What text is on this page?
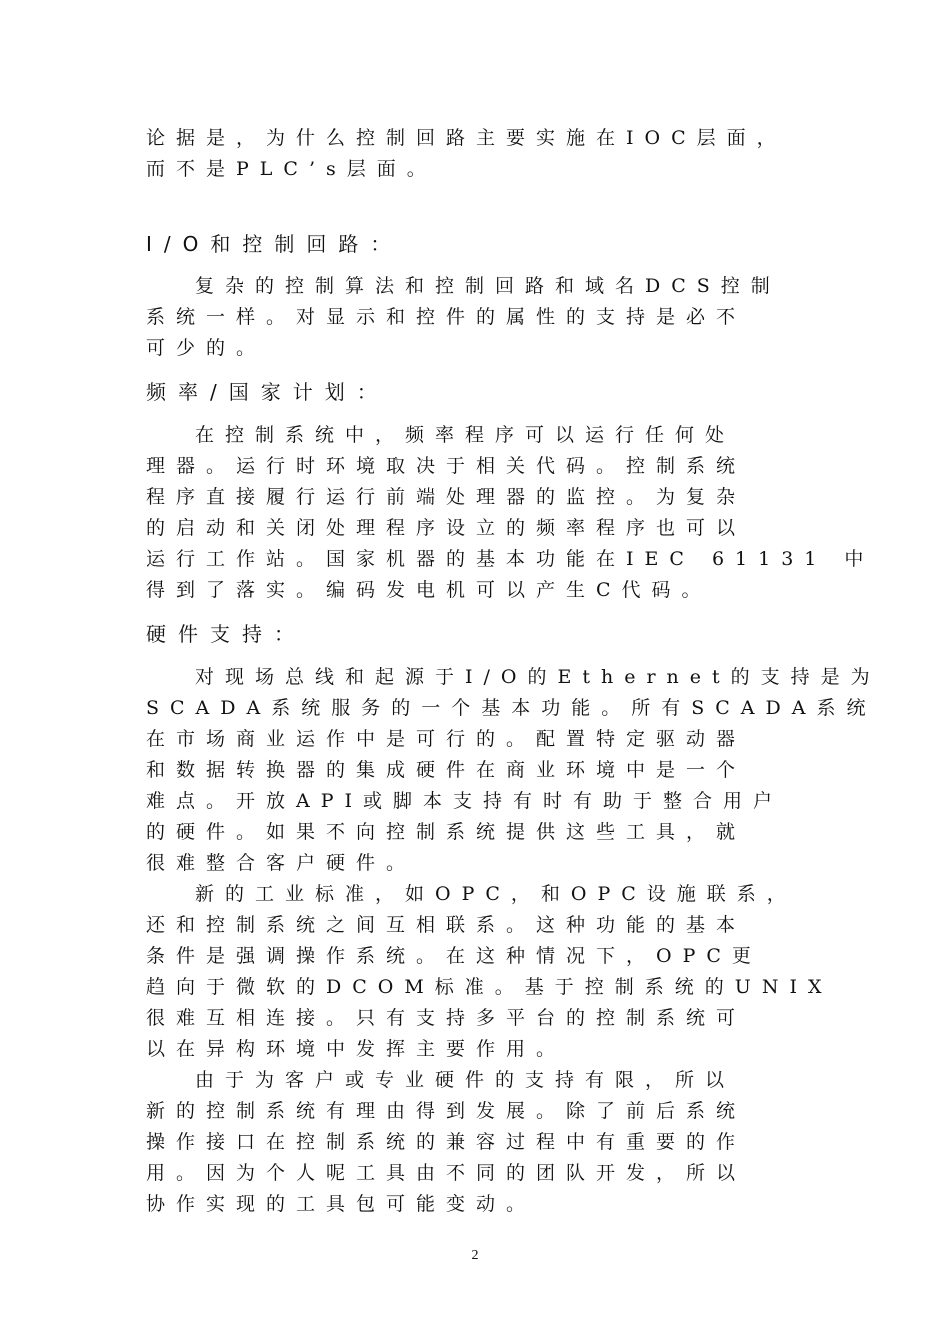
论据是，为什么控制回路主要实施在IOC层面，
而不是PLC’s层面。
I/O和控制回路：
复杂的控制算法和控制回路和域名DCS控制
系统一样。对显示和控件的属性的支持是必不
可少的。
频率/国家计划：
在控制系统中，频率程序可以运行任何处
理器。运行时环境取决于相关代码。控制系统
程序直接履行运行前端处理器的监控。为复杂
的启动和关闭处理程序设立的频率程序也可以
运行工作站。国家机器的基本功能在IEC 61131 中
得到了落实。编码发电机可以产生C代码。
硬件支持：
对现场总线和起源于I/O的Ethernet的支持是为
SCADA系统服务的一个基本功能。所有SCADA系统
在市场商业运作中是可行的。配置特定驱动器
和数据转换器的集成硬件在商业环境中是一个
难点。开放API或脚本支持有时有助于整合用户
的硬件。如果不向控制系统提供这些工具，就
很难整合客户硬件。
新的工业标准，如OPC，和OPC设施联系，
还和控制系统之间互相联系。这种功能的基本
条件是强调操作系统。在这种情况下，OPC更
趋向于微软的DCOM标准。基于控制系统的UNIX
很难互相连接。只有支持多平台的控制系统可
以在异构环境中发挥主要作用。
由于为客户或专业硬件的支持有限，所以
新的控制系统有理由得到发展。除了前后系统
操作接口在控制系统的兼容过程中有重要的作
用。因为个人呢工具由不同的团队开发，所以
协作实现的工具包可能变动。
2
